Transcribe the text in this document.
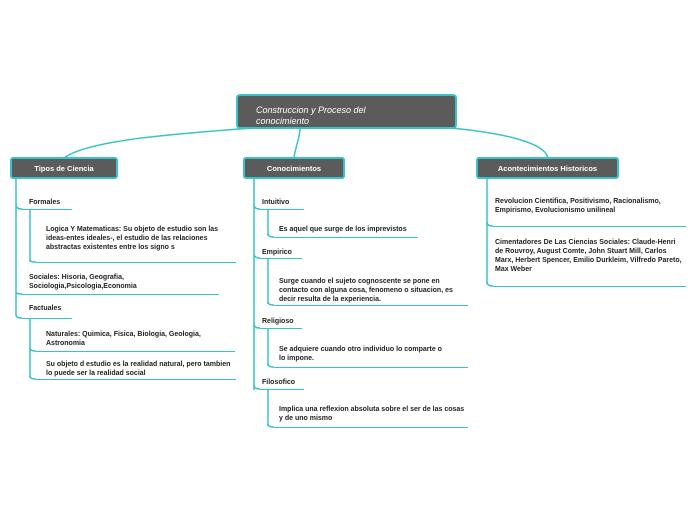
Construccion y Proceso del conocimiento
Tipos de Ciencia	Conocimientos	Acontecimientos Historicos
Formales
Logica Y Matematicas: Su objeto de estudio son las ideas-entes ideales-, el estudio de las relaciones abstractas existentes entre los signo s
Sociales: Hisoria, Geografia, Sociologia,Psicologia,Economia
Factuales
Naturales: Quimica, Fisica, Biologia, Geologia, Astronomia
Su objeto d estudio es la realidad natural, pero tambien lo puede ser la realidad social
Intuitivo
Es aquel que surge de los imprevistos
Empirico
Surge cuando el sujeto cognoscente se pone en contacto con alguna cosa, fenomeno o situacion, es decir resulta de la experiencia.
Religioso
Se adquiere cuando otro individuo lo comparte o lo impone.
Filosofico
Implica una reflexion absoluta sobre el ser de las cosas y de uno mismo
Revolucion Cientifica, Positivismo, Racionalismo, Empirismo, Evolucionismo unilineal
Cimentadores De Las Ciencias Sociales: Claude-Henri de Rouvroy, August Comte, John Stuart Mill, Carlos Marx, Herbert Spencer, Emilio Durkleim, Vilfredo Pareto, Max Weber
